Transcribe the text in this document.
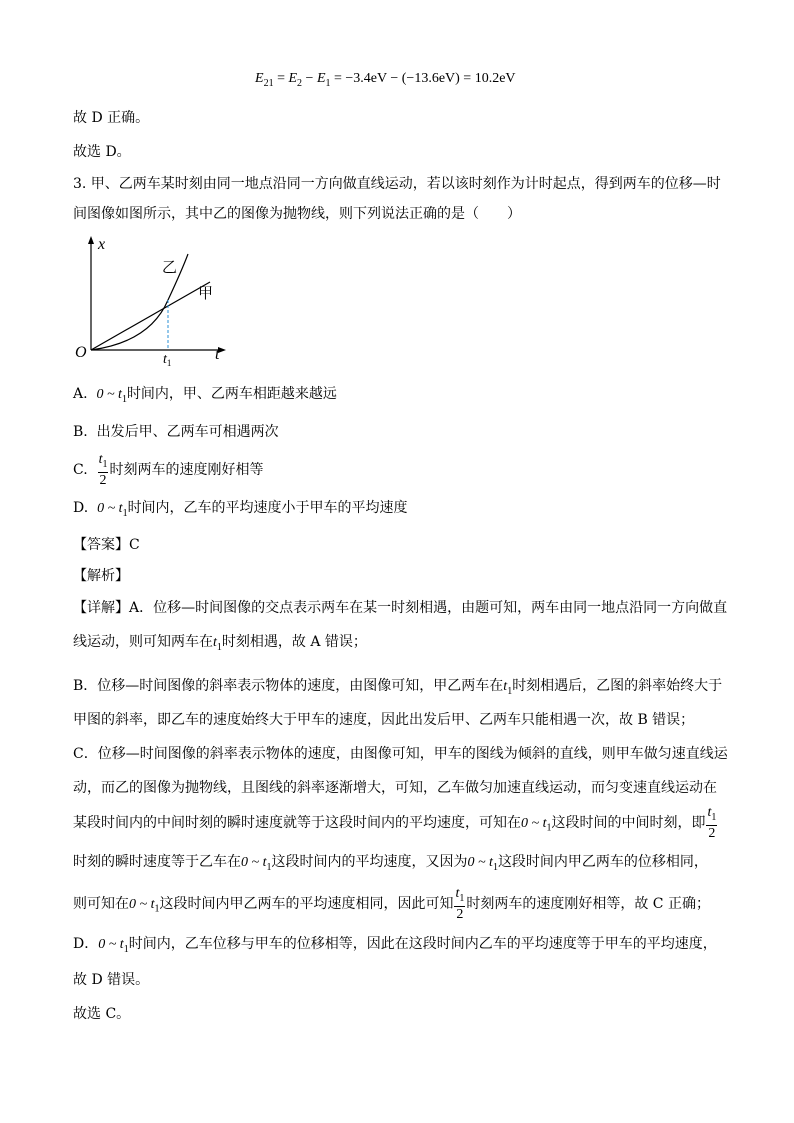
$E_{21} = E_2 - E_1 = -3.4eV - (-13.6eV) = 10.2eV$
故 D 正确。
故选 D。
3. 甲、乙两车某时刻由同一地点沿同一方向做直线运动，若以该时刻作为计时起点，得到两车的位移—时
间图像如图所示，其中乙的图像为抛物线，则下列说法正确的是（　　）
x
t
O	$t_1$
乙
甲
A. 0 ~ $t_1$时间内，甲、乙两车相距越来越远
B. 出发后甲、乙两车可相遇两次
C. $\frac{t_1}{2}$ 时刻两车的速度刚好相等
D. 0 ~ $t_1$时间内，乙车的平均速度小于甲车的平均速度
【答案】C
【解析】
【详解】A．位移—时间图像的交点表示两车在某一时刻相遇，由题可知，两车由同一地点沿同一方向做直
线运动，则可知两车在$t_1$时刻相遇，故 A 错误；
B．位移—时间图像的斜率表示物体的速度，由图像可知，甲乙两车在$t_1$时刻相遇后，乙图的斜率始终大于
甲图的斜率，即乙车的速度始终大于甲车的速度，因此出发后甲、乙两车只能相遇一次，故 B 错误；
C．位移—时间图像的斜率表示物体的速度，由图像可知，甲车的图线为倾斜的直线，则甲车做匀速直线运
动，而乙的图像为抛物线，且图线的斜率逐渐增大，可知，乙车做匀加速直线运动，而匀变速直线运动在
某段时间内的中间时刻的瞬时速度就等于这段时间内的平均速度，可知在0 ~ $t_1$这段时间的中间时刻，即 $\frac{t_1}{2}$
时刻的瞬时速度等于乙车在0 ~ $t_1$这段时间内的平均速度，又因为0 ~ $t_1$这段时间内甲乙两车的位移相同，
则可知在0 ~ $t_1$这段时间内甲乙两车的平均速度相同，因此可知 $\frac{t_1}{2}$ 时刻两车的速度刚好相等，故 C 正确；
D．0 ~ $t_1$时间内，乙车位移与甲车的位移相等，因此在这段时间内乙车的平均速度等于甲车的平均速度，
故 D 错误。
故选 C。
